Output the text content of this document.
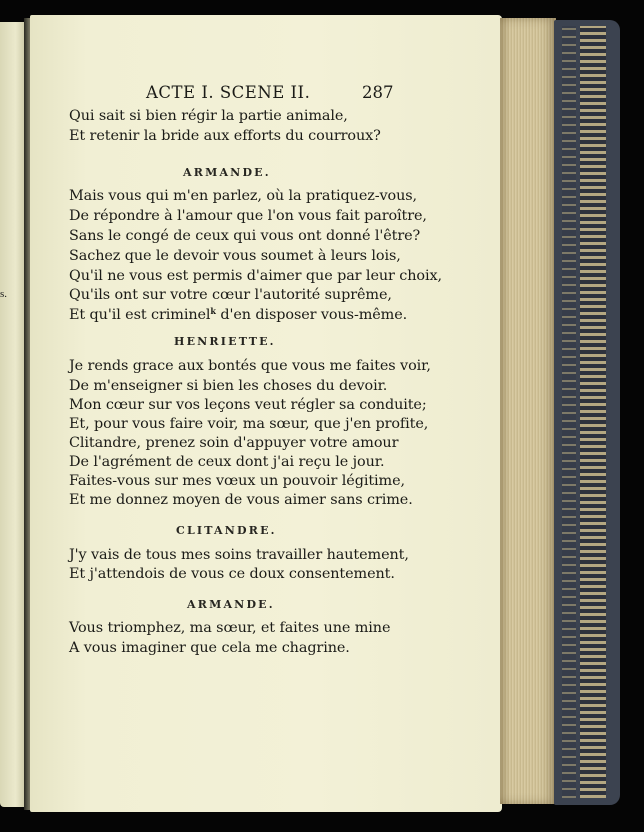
s.
ACTE I. SCENE II.	287
Qui sait si bien régir la partie animale,
Et retenir la bride aux efforts du courroux?
ARMANDE.
Mais vous qui m'en parlez, où la pratiquez-vous,
De répondre à l'amour que l'on vous fait paroître,
Sans le congé de ceux qui vous ont donné l'être?
Sachez que le devoir vous soumet à leurs lois,
Qu'il ne vous est permis d'aimer que par leur choix,
Qu'ils ont sur votre cœur l'autorité suprême,
Et qu'il est criminel$^k$ d'en disposer vous-même.
HENRIETTE.
Je rends grace aux bontés que vous me faites voir,
De m'enseigner si bien les choses du devoir.
Mon cœur sur vos leçons veut régler sa conduite;
Et, pour vous faire voir, ma sœur, que j'en profite,
Clitandre, prenez soin d'appuyer votre amour
De l'agrément de ceux dont j'ai reçu le jour.
Faites-vous sur mes vœux un pouvoir légitime,
Et me donnez moyen de vous aimer sans crime.
CLITANDRE.
J'y vais de tous mes soins travailler hautement,
Et j'attendois de vous ce doux consentement.
ARMANDE.
Vous triomphez, ma sœur, et faites une mine
A vous imaginer que cela me chagrine.
